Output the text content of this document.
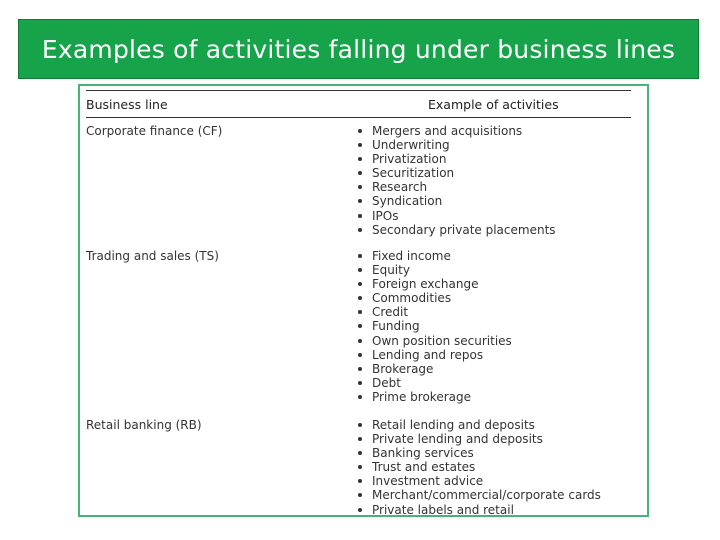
Examples of activities falling under business lines
Business line	Example of activities
Corporate finance (CF)	Mergers and acquisitions
Underwriting
Privatization
Securitization
Research
Syndication
IPOs
Secondary private placements
Trading and sales (TS)	Fixed income
Equity
Foreign exchange
Commodities
Credit
Funding
Own position securities
Lending and repos
Brokerage
Debt
Prime brokerage
Retail banking (RB)	Retail lending and deposits
Private lending and deposits
Banking services
Trust and estates
Investment advice
Merchant/commercial/corporate cards
Private labels and retail
